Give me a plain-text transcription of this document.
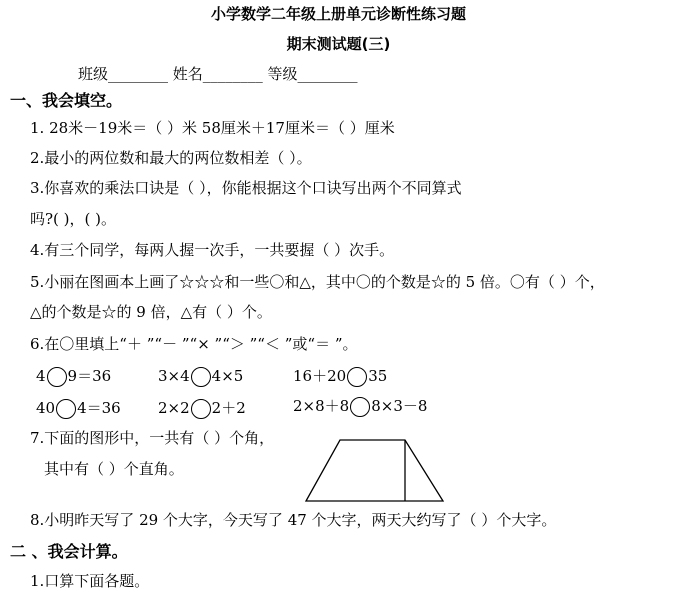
小学数学二年级上册单元诊断性练习题
期末测试题(三)
班级________ 姓名________ 等级________
一、我会填空。
1. 28米－19米＝（ ）米 58厘米＋17厘米＝（ ）厘米
2.最小的两位数和最大的两位数相差（ ）。
3.你喜欢的乘法口诀是（ ），你能根据这个口诀写出两个不同算式
吗?( )，( )。
4.有三个同学，每两人握一次手，一共要握（ ）次手。
5.小丽在图画本上画了☆☆☆和一些〇和△，其中〇的个数是☆的 5 倍。〇有（ ）个，
△的个数是☆的 9 倍，△有（ ）个。
6.在〇里填上“＋ ”“－ ”“× ”“＞ ”“＜ ”或“＝ ”。
4 9＝36	3×4 4×5	16＋20 35
40 4＝36 2×2 2＋2	2×8＋8 8×3－8
7.下面的图形中，一共有（ ）个角，
其中有（ ）个直角。
8.小明昨天写了 29 个大字，今天写了 47 个大字，两天大约写了（ ）个大字。
二 、我会计算。
1.口算下面各题。
